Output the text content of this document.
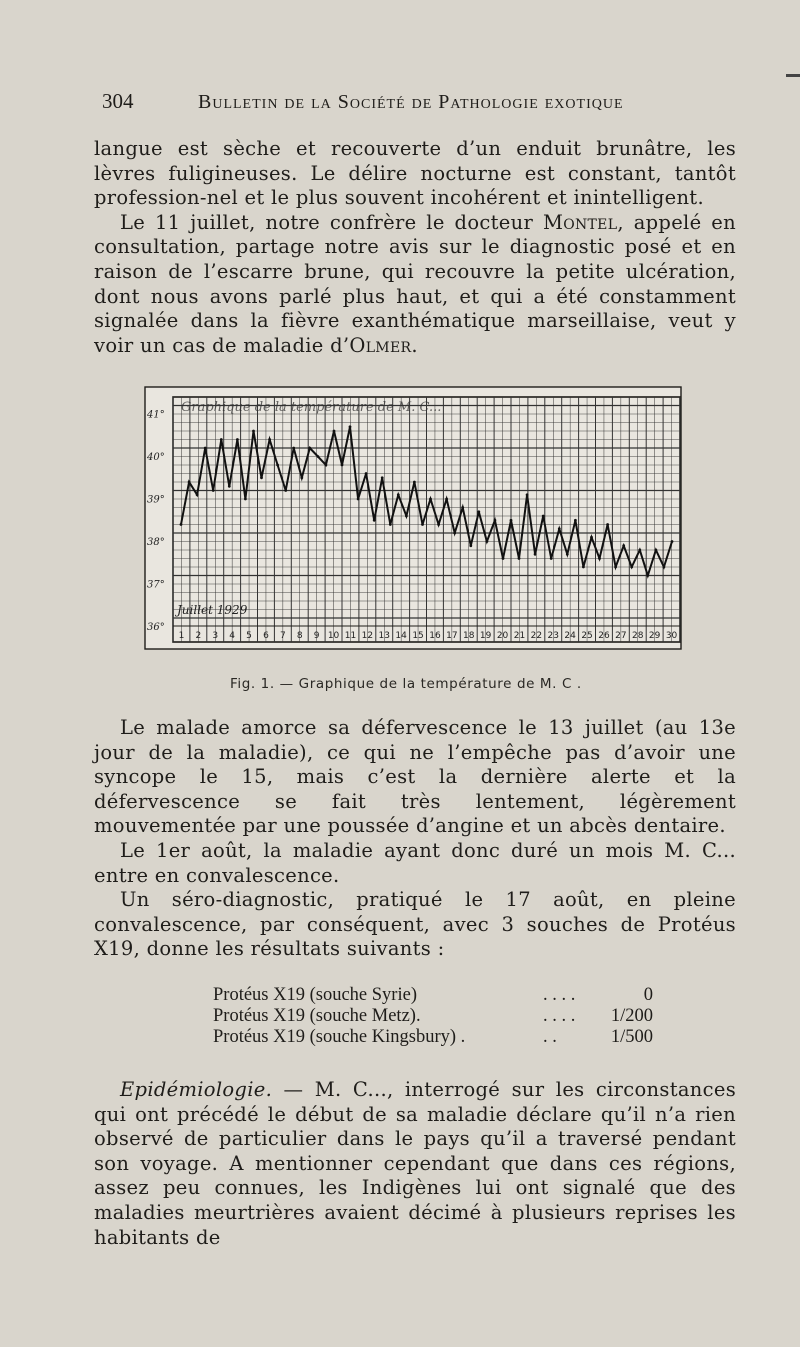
304	Bulletin de la Société de Pathologie exotique

langue est sèche et recouverte d’un enduit brunâtre, les lèvres fuligineuses. Le délire nocturne est constant, tantôt profession-nel et le plus souvent incohérent et inintelligent.

Le 11 juillet, notre confrère le docteur Montel, appelé en consultation, partage notre avis sur le diagnostic posé et en raison de l’escarre brune, qui recouvre la petite ulcération, dont nous avons parlé plus haut, et qui a été constamment signalée dans la fièvre exanthématique marseillaise, veut y voir un cas de maladie d’Olmer.

41°
40°
39°
38°
37°
36°
Juillet 1929
Graphique de la température de M. C...
1 2 3 4 5 6 7 8 9 10 11 12 13 14 15 16 17 18 19 20 21 22 23 24 25 26 27 28 29 30
Fig. 1. — Graphique de la température de M. C .

Le malade amorce sa défervescence le 13 juillet (au 13e jour de la maladie), ce qui ne l’empêche pas d’avoir une syncope le 15, mais c’est la dernière alerte et la défervescence se fait très lentement, légèrement mouvementée par une poussée d’angine et un abcès dentaire.

Le 1er août, la maladie ayant donc duré un mois M. C... entre en convalescence.

Un séro-diagnostic, pratiqué le 17 août, en pleine convalescence, par conséquent, avec 3 souches de Protéus X19, donne les résultats suivants :

Protéus X19 (souche Syrie)	. . . .	0
Protéus X19 (souche Metz).	. . . .	1/200
Protéus X19 (souche Kingsbury) .	. .	1/500

Epidémiologie. — M. C..., interrogé sur les circonstances qui ont précédé le début de sa maladie déclare qu’il n’a rien observé de particulier dans le pays qu’il a traversé pendant son voyage. A mentionner cependant que dans ces régions, assez peu connues, les Indigènes lui ont signalé que des maladies meurtrières avaient décimé à plusieurs reprises les habitants de
